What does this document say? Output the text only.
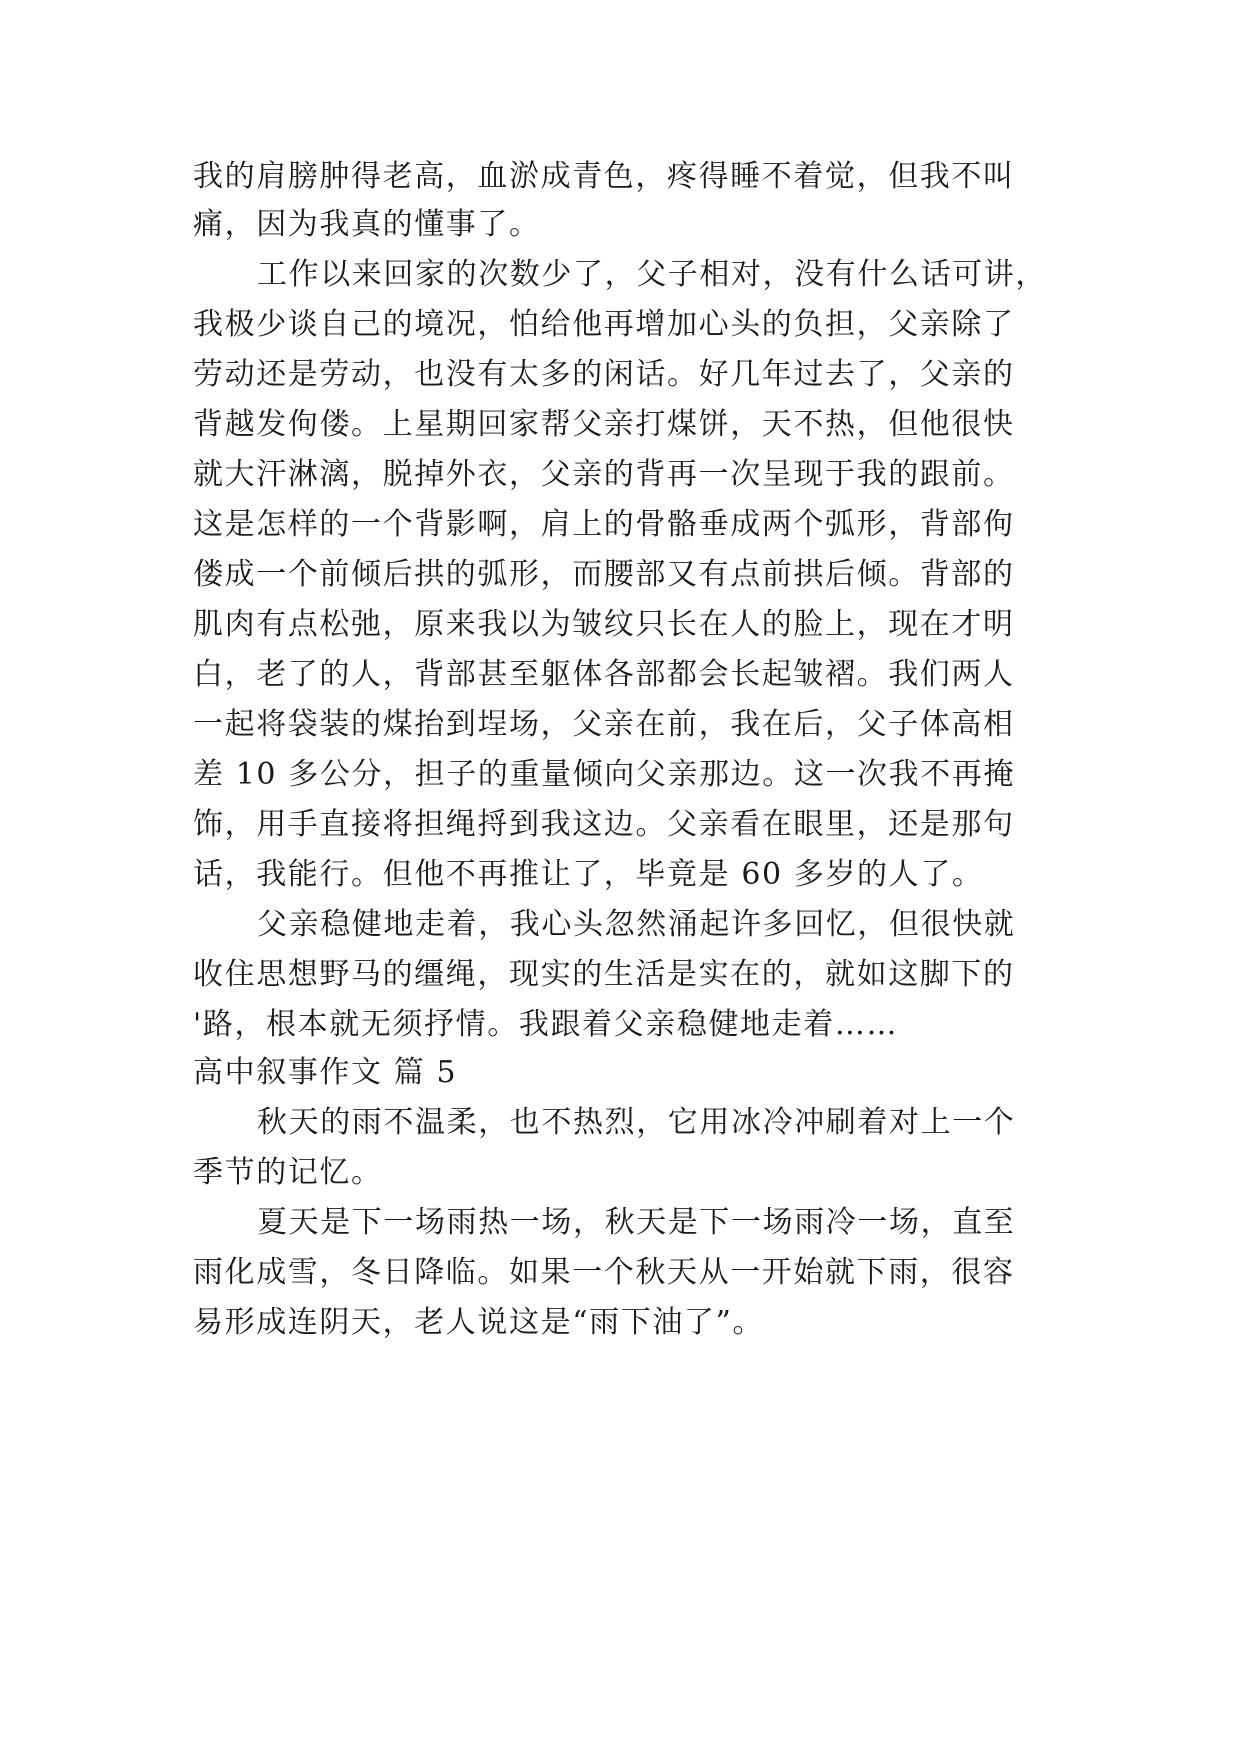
我的肩膀肿得老高，血淤成青色，疼得睡不着觉，但我不叫
痛，因为我真的懂事了。
工作以来回家的次数少了，父子相对，没有什么话可讲，
我极少谈自己的境况，怕给他再增加心头的负担，父亲除了
劳动还是劳动，也没有太多的闲话。好几年过去了，父亲的
背越发佝偻。上星期回家帮父亲打煤饼，天不热，但他很快
就大汗淋漓，脱掉外衣，父亲的背再一次呈现于我的跟前。
这是怎样的一个背影啊，肩上的骨骼垂成两个弧形，背部佝
偻成一个前倾后拱的弧形，而腰部又有点前拱后倾。背部的
肌肉有点松弛，原来我以为皱纹只长在人的脸上，现在才明
白，老了的人，背部甚至躯体各部都会长起皱褶。我们两人
一起将袋装的煤抬到埕场，父亲在前，我在后，父子体高相
差 10 多公分，担子的重量倾向父亲那边。这一次我不再掩
饰，用手直接将担绳捋到我这边。父亲看在眼里，还是那句
话，我能行。但他不再推让了，毕竟是 60 多岁的人了。
父亲稳健地走着，我心头忽然涌起许多回忆，但很快就
收住思想野马的缰绳，现实的生活是实在的，就如这脚下的
'路，根本就无须抒情。我跟着父亲稳健地走着……
高中叙事作文 篇 5
秋天的雨不温柔，也不热烈，它用冰冷冲刷着对上一个
季节的记忆。
夏天是下一场雨热一场，秋天是下一场雨冷一场，直至
雨化成雪，冬日降临。如果一个秋天从一开始就下雨，很容
易形成连阴天，老人说这是“雨下油了”。
